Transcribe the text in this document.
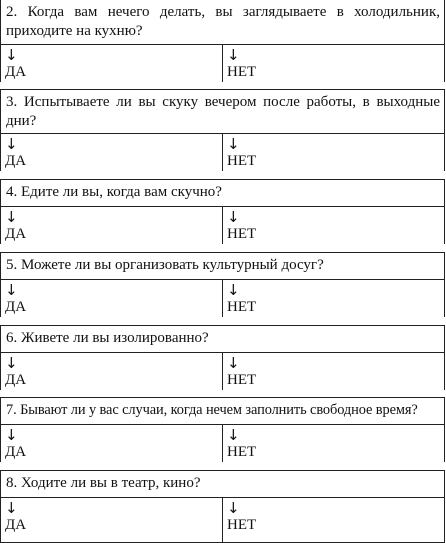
2. Когда вам нечего делать, вы заглядываете в холодильник, приходите на кухню?
↓
ДА
↓
НЕТ
3. Испытываете ли вы скуку вечером после работы, в выходные дни?
↓
ДА
↓
НЕТ
4. Едите ли вы, когда вам скучно?
↓
ДА
↓
НЕТ
5. Можете ли вы организовать культурный досуг?
↓
ДА
↓
НЕТ
6. Живете ли вы изолированно?
↓
ДА
↓
НЕТ
7. Бывают ли у вас случаи, когда нечем заполнить свободное время?
↓
ДА
↓
НЕТ
8. Ходите ли вы в театр, кино?
↓
ДА
↓
НЕТ
